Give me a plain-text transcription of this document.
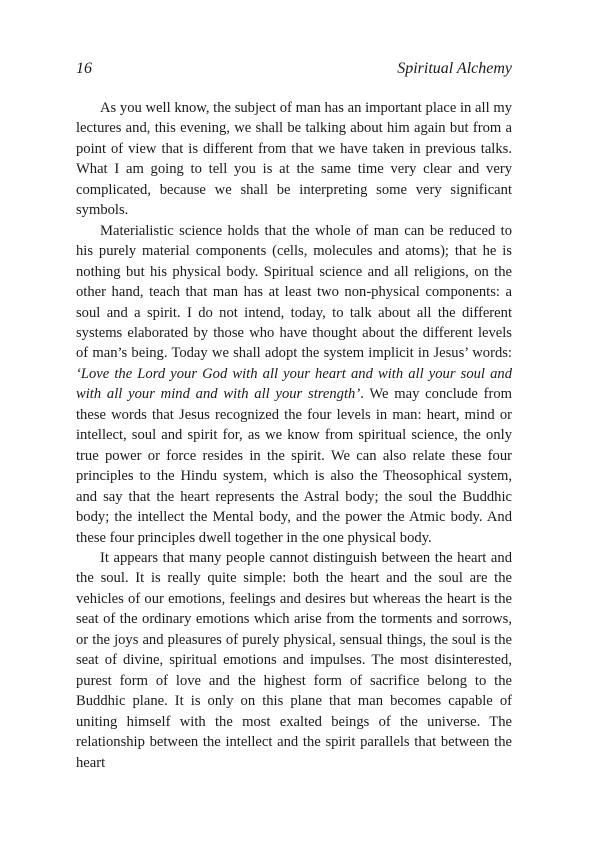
16	Spiritual Alchemy

As you well know, the subject of man has an important place in all my lectures and, this evening, we shall be talking about him again but from a point of view that is different from that we have taken in previous talks. What I am going to tell you is at the same time very clear and very complicated, because we shall be interpreting some very significant symbols.

Materialistic science holds that the whole of man can be reduced to his purely material components (cells, molecules and atoms); that he is nothing but his physical body. Spiritual science and all religions, on the other hand, teach that man has at least two non-physical components: a soul and a spirit. I do not intend, today, to talk about all the different systems elaborated by those who have thought about the different levels of man’s being. Today we shall adopt the system implicit in Jesus’ words: ‘Love the Lord your God with all your heart and with all your soul and with all your mind and with all your strength’. We may conclude from these words that Jesus recognized the four levels in man: heart, mind or intellect, soul and spirit for, as we know from spiritual science, the only true power or force resides in the spirit. We can also relate these four principles to the Hindu system, which is also the Theosophical system, and say that the heart represents the Astral body; the soul the Buddhic body; the intellect the Mental body, and the power the Atmic body. And these four principles dwell together in the one physical body.

It appears that many people cannot distinguish between the heart and the soul. It is really quite simple: both the heart and the soul are the vehicles of our emotions, feelings and desires but whereas the heart is the seat of the ordinary emotions which arise from the torments and sorrows, or the joys and pleasures of purely physical, sensual things, the soul is the seat of divine, spiritual emotions and impulses. The most disinterested, purest form of love and the highest form of sacrifice belong to the Buddhic plane. It is only on this plane that man becomes capable of uniting himself with the most exalted beings of the universe. The relationship between the intellect and the spirit parallels that between the heart
